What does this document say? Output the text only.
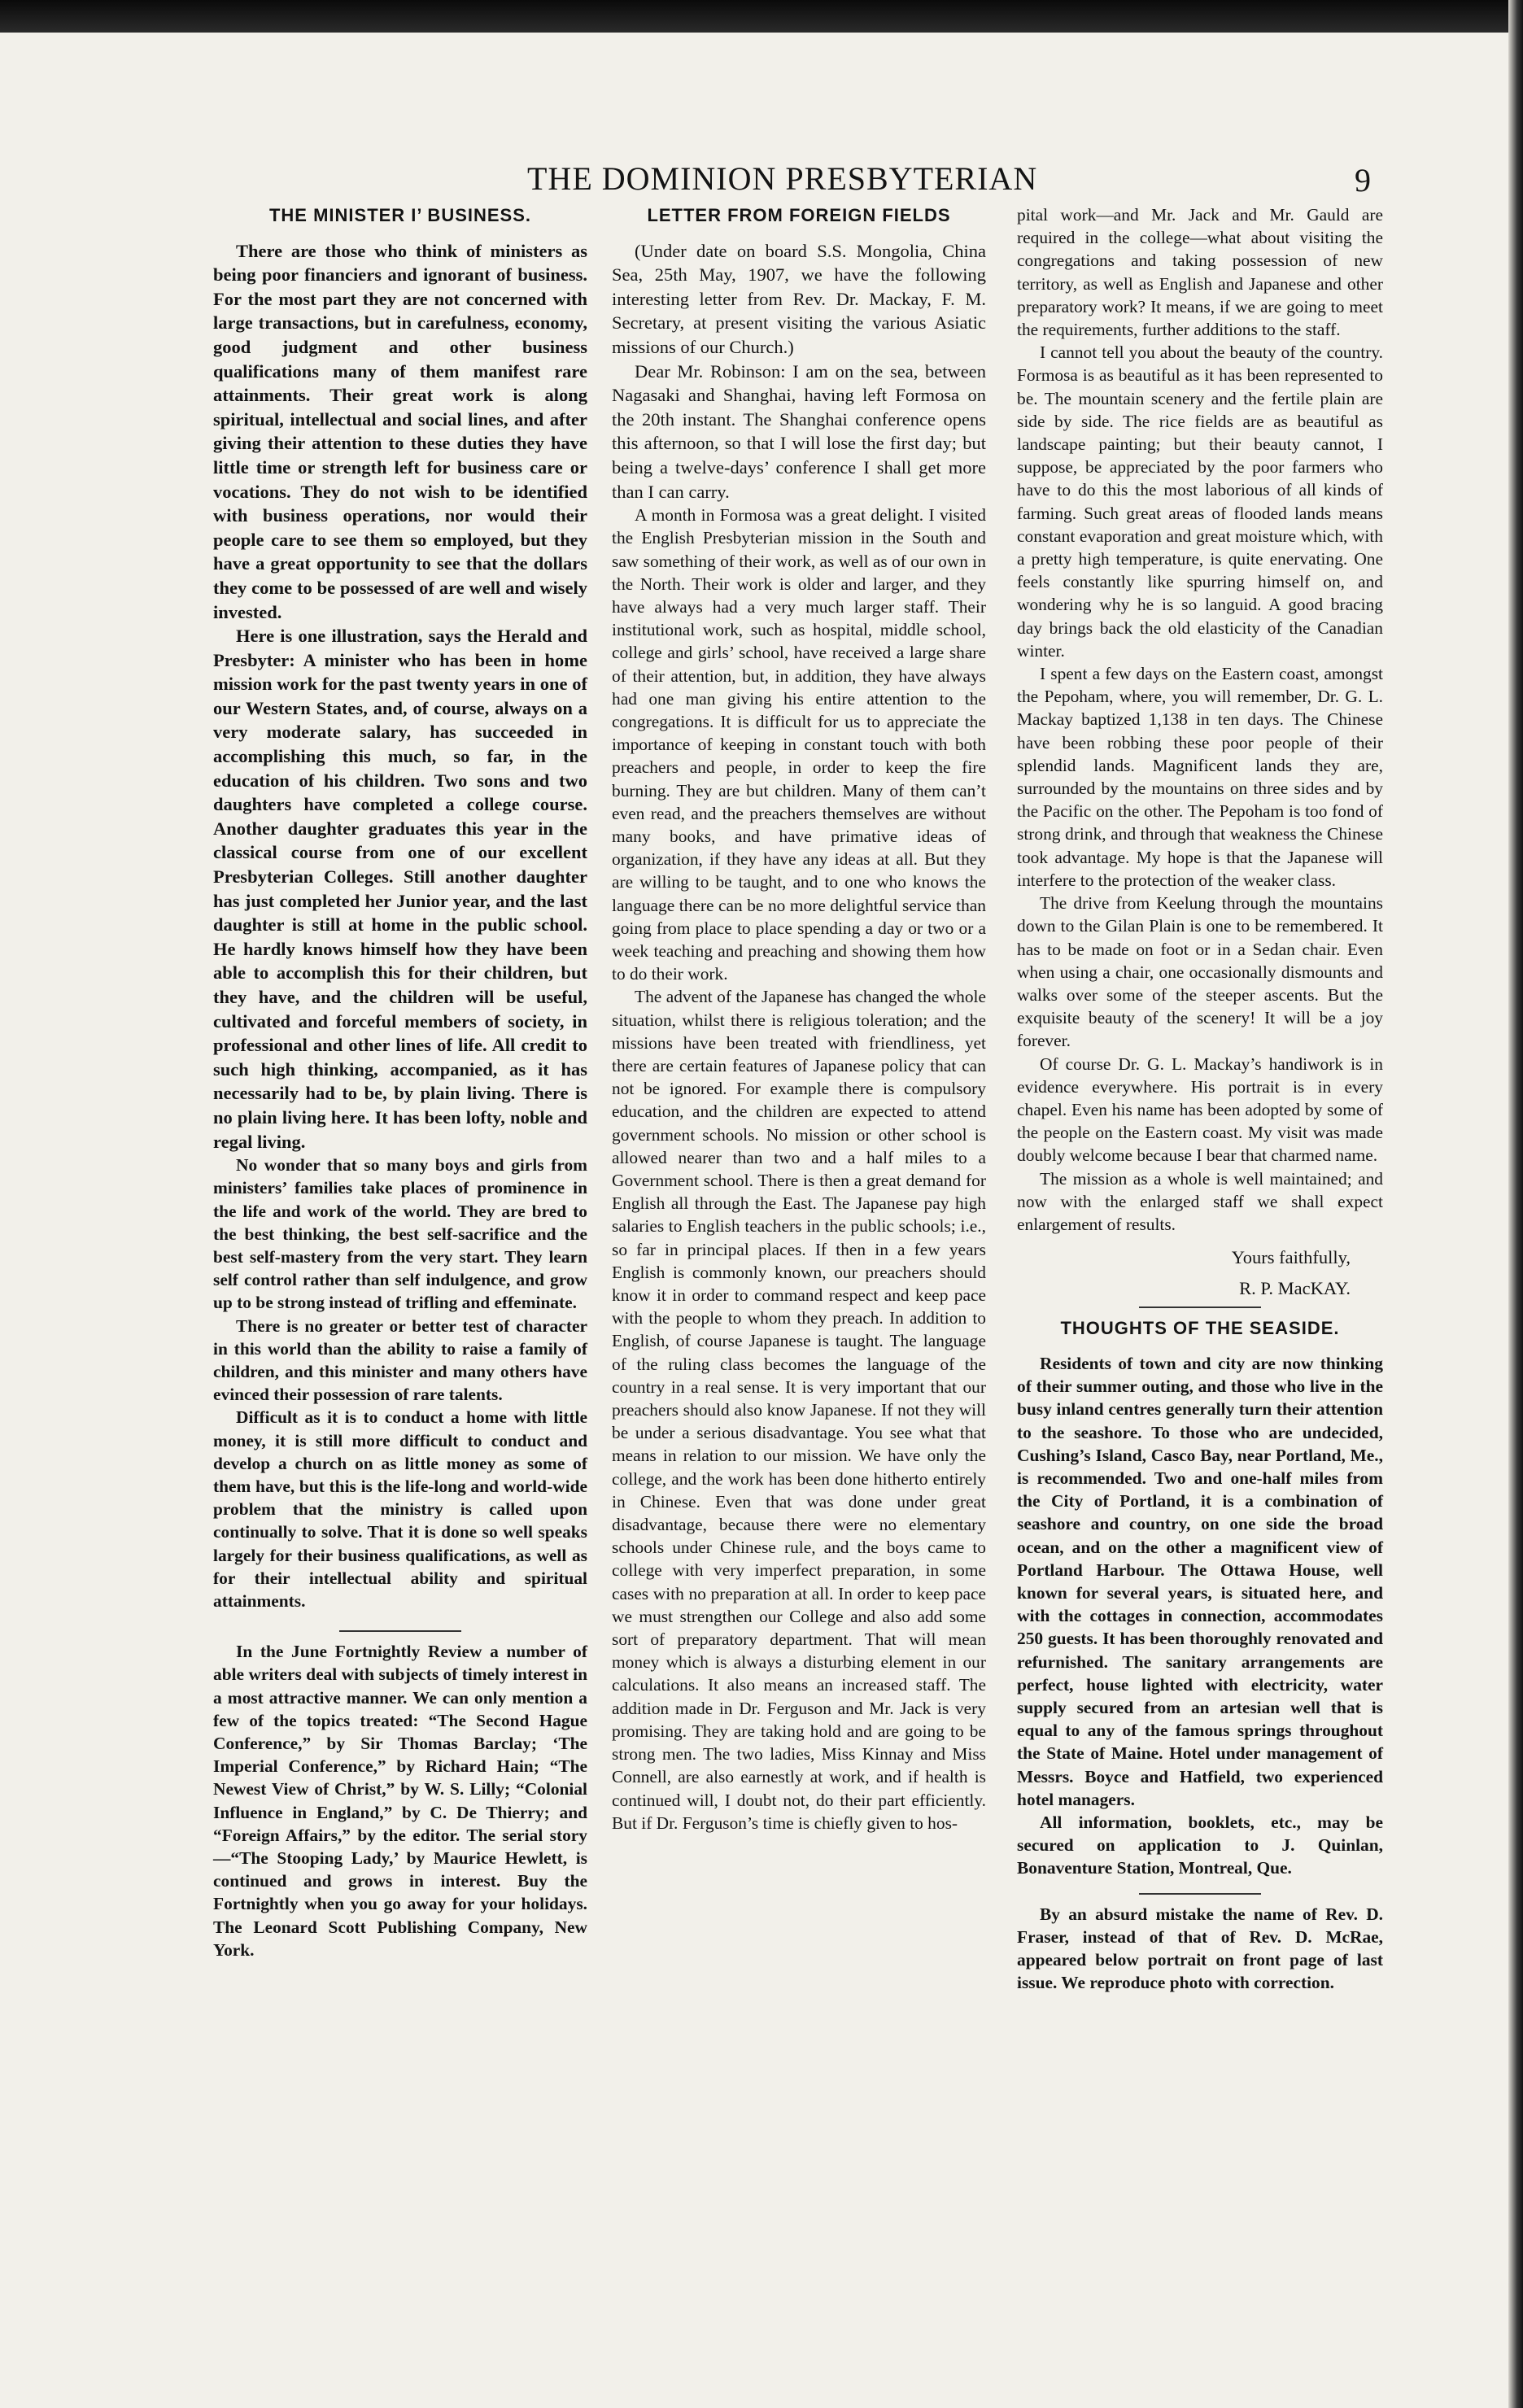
THE DOMINION PRESBYTERIAN	9
THE MINISTER I’ BUSINESS.

There are those who think of ministers as being poor financiers and ignorant of business. For the most part they are not concerned with large transactions, but in carefulness, economy, good judgment and other business qualifications many of them manifest rare attainments. Their great work is along spiritual, intellectual and social lines, and after giving their attention to these duties they have little time or strength left for business care or vocations. They do not wish to be identified with business operations, nor would their people care to see them so employed, but they have a great opportunity to see that the dollars they come to be possessed of are well and wisely invested.

Here is one illustration, says the Herald and Presbyter: A minister who has been in home mission work for the past twenty years in one of our Western States, and, of course, always on a very moderate salary, has succeeded in accomplishing this much, so far, in the education of his children. Two sons and two daughters have completed a college course. Another daughter graduates this year in the classical course from one of our excellent Presbyterian Colleges. Still another daughter has just completed her Junior year, and the last daughter is still at home in the public school. He hardly knows himself how they have been able to accomplish this for their children, but they have, and the children will be useful, cultivated and forceful members of society, in professional and other lines of life. All credit to such high thinking, accompanied, as it has necessarily had to be, by plain living. There is no plain living here. It has been lofty, noble and regal living.

No wonder that so many boys and girls from ministers’ families take places of prominence in the life and work of the world. They are bred to the best thinking, the best self-sacrifice and the best self-mastery from the very start. They learn self control rather than self indulgence, and grow up to be strong instead of trifling and effeminate.

There is no greater or better test of character in this world than the ability to raise a family of children, and this minister and many others have evinced their possession of rare talents.

Difficult as it is to conduct a home with little money, it is still more difficult to conduct and develop a church on as little money as some of them have, but this is the life-long and world-wide problem that the ministry is called upon continually to solve. That it is done so well speaks largely for their business qualifications, as well as for their intellectual ability and spiritual attainments.

In the June Fortnightly Review a number of able writers deal with subjects of timely interest in a most attractive manner. We can only mention a few of the topics treated: “The Second Hague Conference,” by Sir Thomas Barclay; ‘The Imperial Conference,” by Richard Hain; “The Newest View of Christ,” by W. S. Lilly; “Colonial Influence in England,” by C. De Thierry; and “Foreign Affairs,” by the editor. The serial story—“The Stooping Lady,’ by Maurice Hewlett, is continued and grows in interest. Buy the Fortnightly when you go away for your holidays. The Leonard Scott Publishing Company, New York.

LETTER FROM FOREIGN FIELDS

(Under date on board S.S. Mongolia, China Sea, 25th May, 1907, we have the following interesting letter from Rev. Dr. Mackay, F. M. Secretary, at present visiting the various Asiatic missions of our Church.)

Dear Mr. Robinson: I am on the sea, between Nagasaki and Shanghai, having left Formosa on the 20th instant. The Shanghai conference opens this afternoon, so that I will lose the first day; but being a twelve-days’ conference I shall get more than I can carry.

A month in Formosa was a great delight. I visited the English Presbyterian mission in the South and saw something of their work, as well as of our own in the North. Their work is older and larger, and they have always had a very much larger staff. Their institutional work, such as hospital, middle school, college and girls’ school, have received a large share of their attention, but, in addition, they have always had one man giving his entire attention to the congregations. It is difficult for us to appreciate the importance of keeping in constant touch with both preachers and people, in order to keep the fire burning. They are but children. Many of them can’t even read, and the preachers themselves are without many books, and have primative ideas of organization, if they have any ideas at all. But they are willing to be taught, and to one who knows the language there can be no more delightful service than going from place to place spending a day or two or a week teaching and preaching and showing them how to do their work.

The advent of the Japanese has changed the whole situation, whilst there is religious toleration; and the missions have been treated with friendliness, yet there are certain features of Japanese policy that can not be ignored. For example there is compulsory education, and the children are expected to attend government schools. No mission or other school is allowed nearer than two and a half miles to a Government school. There is then a great demand for English all through the East. The Japanese pay high salaries to English teachers in the public schools; i.e., so far in principal places. If then in a few years English is commonly known, our preachers should know it in order to command respect and keep pace with the people to whom they preach. In addition to English, of course Japanese is taught. The language of the ruling class becomes the language of the country in a real sense. It is very important that our preachers should also know Japanese. If not they will be under a serious disadvantage. You see what that means in relation to our mission. We have only the college, and the work has been done hitherto entirely in Chinese. Even that was done under great disadvantage, because there were no elementary schools under Chinese rule, and the boys came to college with very imperfect preparation, in some cases with no preparation at all. In order to keep pace we must strengthen our College and also add some sort of preparatory department. That will mean money which is always a disturbing element in our calculations. It also means an increased staff. The addition made in Dr. Ferguson and Mr. Jack is very promising. They are taking hold and are going to be strong men. The two ladies, Miss Kinnay and Miss Connell, are also earnestly at work, and if health is continued will, I doubt not, do their part efficiently. But if Dr. Ferguson’s time is chiefly given to hos-

pital work—and Mr. Jack and Mr. Gauld are required in the college—what about visiting the congregations and taking possession of new territory, as well as English and Japanese and other preparatory work? It means, if we are going to meet the requirements, further additions to the staff.

I cannot tell you about the beauty of the country. Formosa is as beautiful as it has been represented to be. The mountain scenery and the fertile plain are side by side. The rice fields are as beautiful as landscape painting; but their beauty cannot, I suppose, be appreciated by the poor farmers who have to do this the most laborious of all kinds of farming. Such great areas of flooded lands means constant evaporation and great moisture which, with a pretty high temperature, is quite enervating. One feels constantly like spurring himself on, and wondering why he is so languid. A good bracing day brings back the old elasticity of the Canadian winter.

I spent a few days on the Eastern coast, amongst the Pepoham, where, you will remember, Dr. G. L. Mackay baptized 1,138 in ten days. The Chinese have been robbing these poor people of their splendid lands. Magnificent lands they are, surrounded by the mountains on three sides and by the Pacific on the other. The Pepoham is too fond of strong drink, and through that weakness the Chinese took advantage. My hope is that the Japanese will interfere to the protection of the weaker class.

The drive from Keelung through the mountains down to the Gilan Plain is one to be remembered. It has to be made on foot or in a Sedan chair. Even when using a chair, one occasionally dismounts and walks over some of the steeper ascents. But the exquisite beauty of the scenery! It will be a joy forever.

Of course Dr. G. L. Mackay’s handiwork is in evidence everywhere. His portrait is in every chapel. Even his name has been adopted by some of the people on the Eastern coast. My visit was made doubly welcome because I bear that charmed name.

The mission as a whole is well maintained; and now with the enlarged staff we shall expect enlargement of results.

Yours faithfully,

R. P. MacKAY.

THOUGHTS OF THE SEASIDE.

Residents of town and city are now thinking of their summer outing, and those who live in the busy inland centres generally turn their attention to the seashore. To those who are undecided, Cushing’s Island, Casco Bay, near Portland, Me., is recommended. Two and one-half miles from the City of Portland, it is a combination of seashore and country, on one side the broad ocean, and on the other a magnificent view of Portland Harbour. The Ottawa House, well known for several years, is situated here, and with the cottages in connection, accommodates 250 guests. It has been thoroughly renovated and refurnished. The sanitary arrangements are perfect, house lighted with electricity, water supply secured from an artesian well that is equal to any of the famous springs throughout the State of Maine. Hotel under management of Messrs. Boyce and Hatfield, two experienced hotel managers.

All information, booklets, etc., may be secured on application to J. Quinlan, Bonaventure Station, Montreal, Que.

By an absurd mistake the name of Rev. D. Fraser, instead of that of Rev. D. McRae, appeared below portrait on front page of last issue. We reproduce photo with correction.
